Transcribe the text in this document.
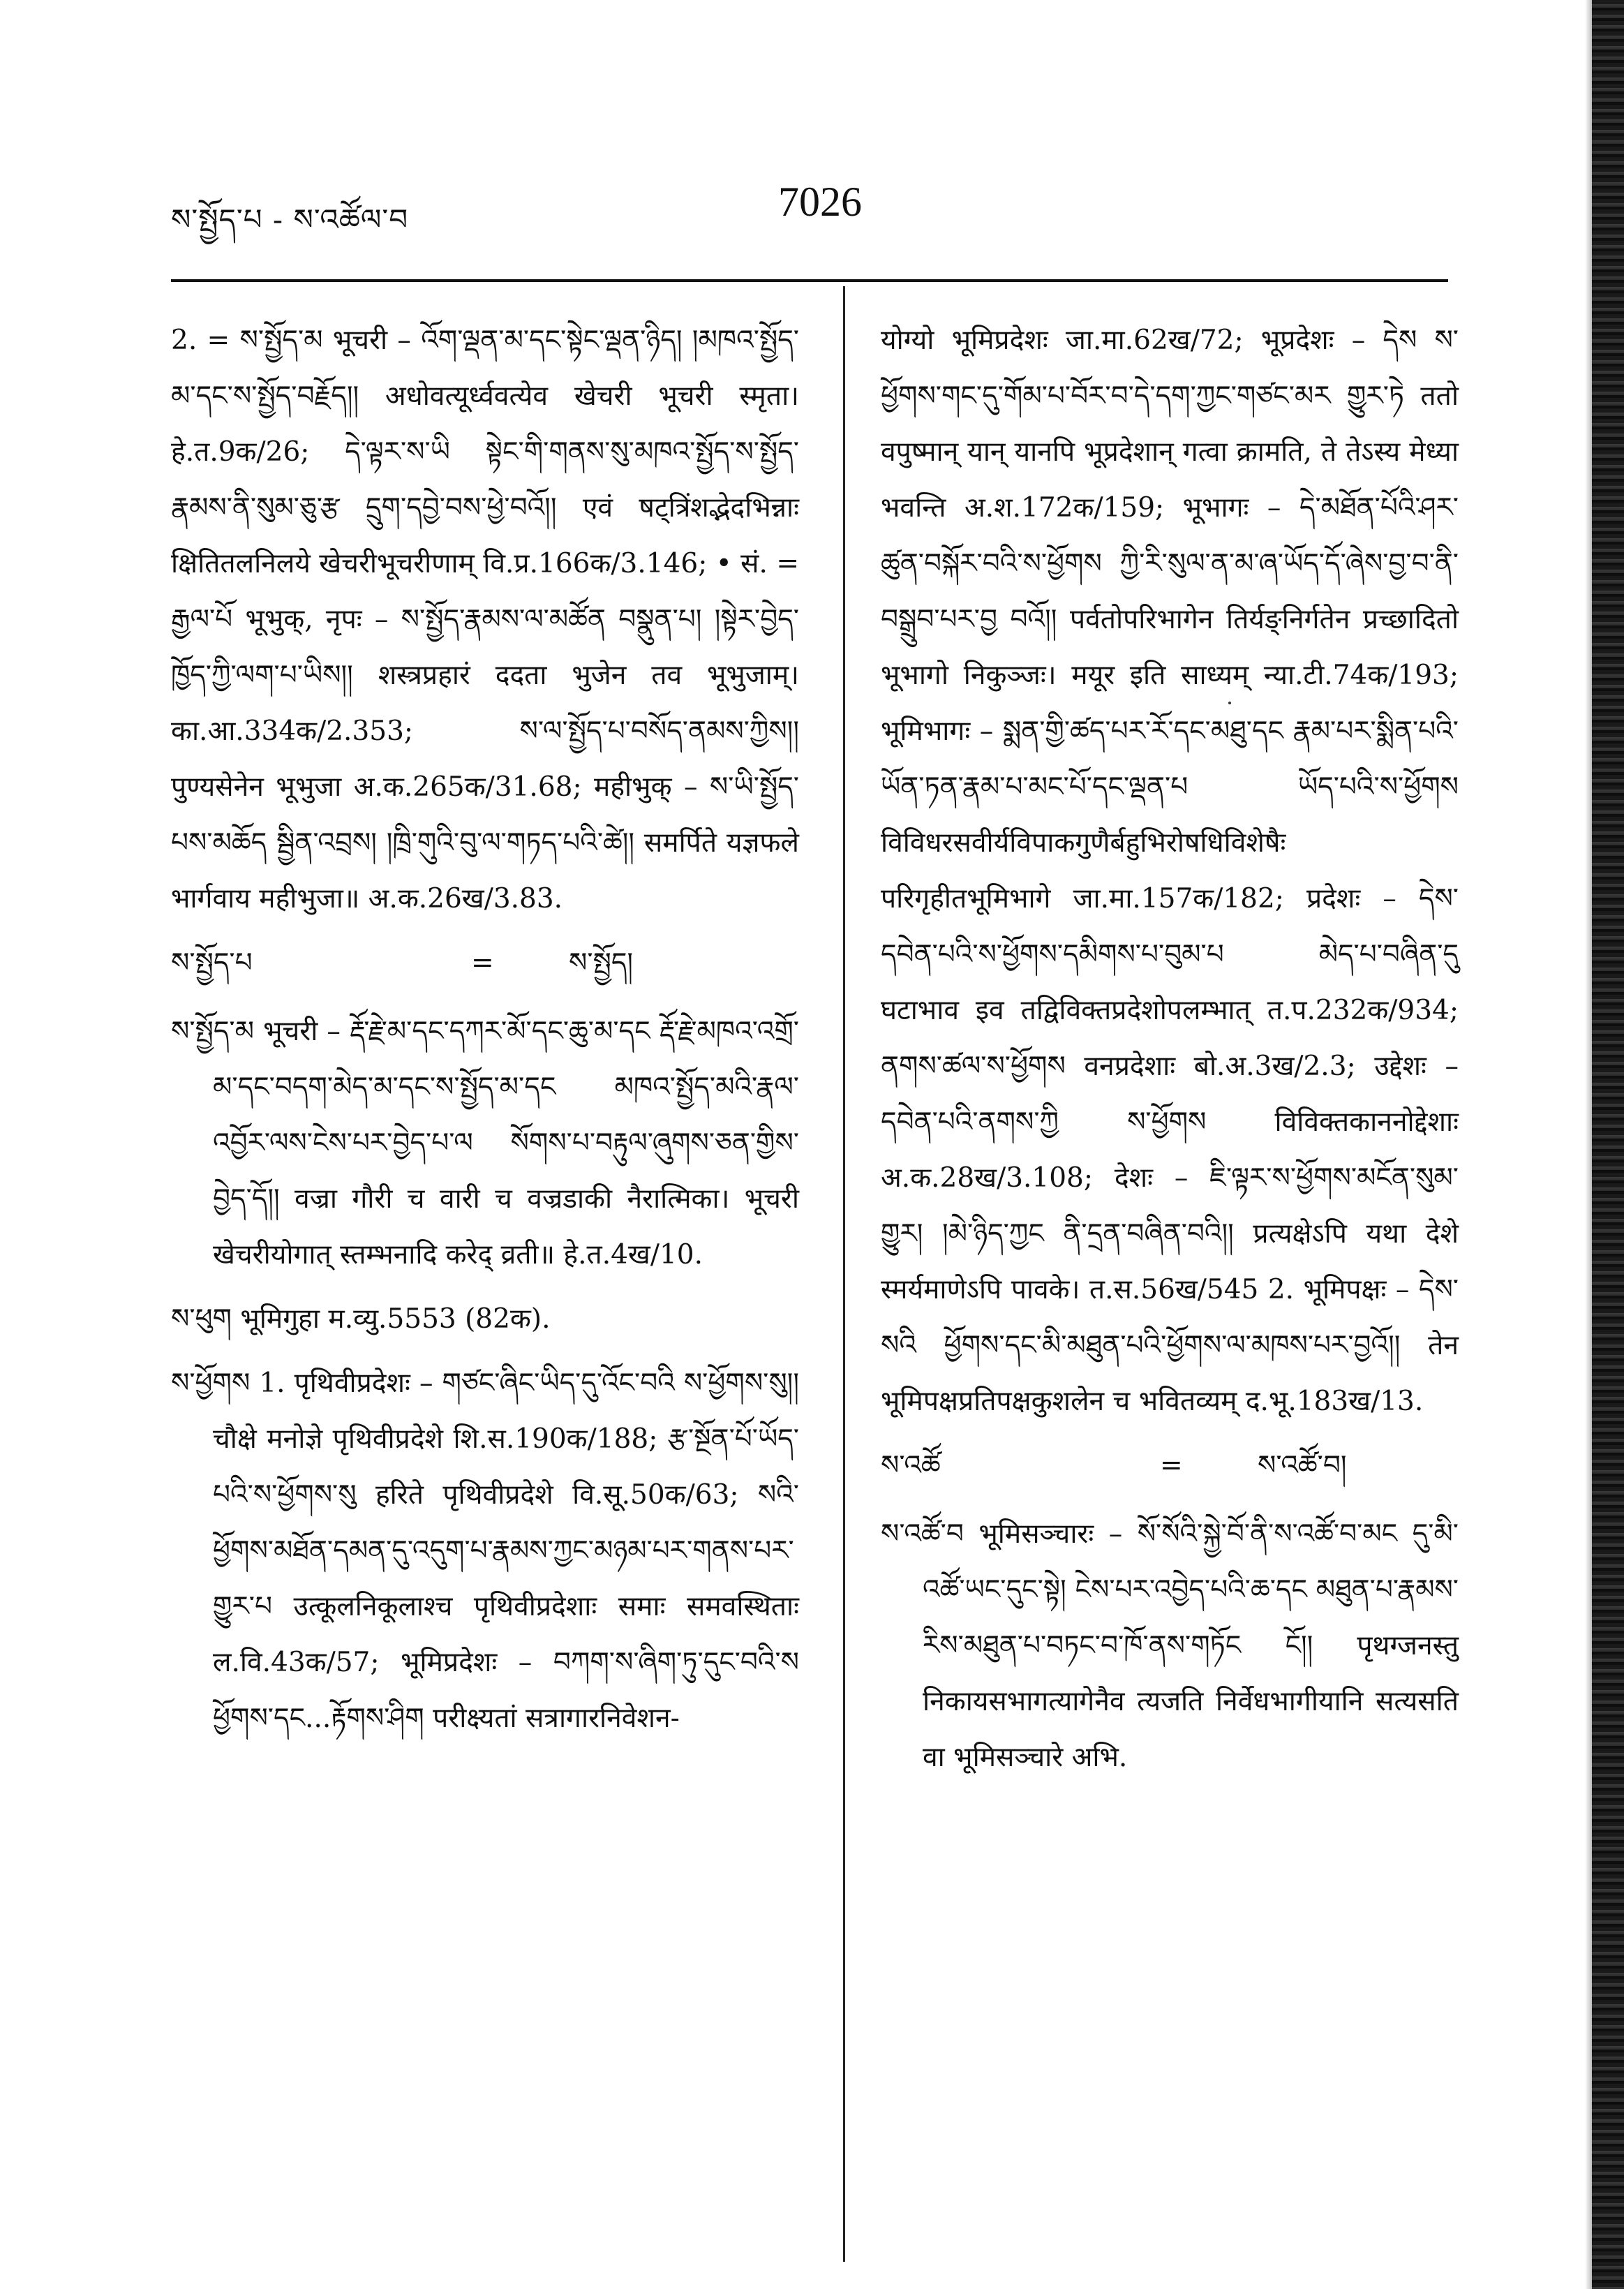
ས་སྤྱོད་པ - ས་འཚོལ་བ	7026

2. = ས་སྤྱོད་མ भूचरी – འོག་ལྡན་མ་དང་སྟེང་ལྡན་ཉིད། །མཁའ་སྤྱོད་མ་དང་ས་སྤྱོད་བརྗོད།། अधोवत्यूर्ध्ववत्येव खेचरी भूचरी स्मृता। हे.त.9क/26; དེ་ལྟར་ས་ཡི སྟེང་གི་གནས་སུ་མཁའ་སྤྱོད་ས་སྤྱོད་རྣམས་ནི་སུམ་ཅུ་རྩ དྲུག་དབྱེ་བས་ཕྱེ་བའོ།། एवं षट्त्रिंशद्भेदभिन्नाः क्षितितलनिलये खेचरीभूचरीणाम् वि.प्र.166क/3.146; • सं. = རྒྱལ་པོ भूभुक्, नृपः – ས་སྤྱོད་རྣམས་ལ་མཚོན བསྣུན་པ། །སྟེར་བྱེད་ཁྱོད་ཀྱི་ལག་པ་ཡིས།། शस्त्रप्रहारं ददता भुजेन तव भूभुजाम्। का.आ.334क/2.353; ས་ལ་སྤྱོད་པ་བསོད་ནམས་ཀྱིས།། पुण्यसेनेन भूभुजा अ.क.265क/31.68; महीभुक् – ས་ཡི་སྤྱོད་པས་མཆོད སྦྱིན་འབྲས། །ཁྲི་གུའི་བུ་ལ་གཏད་པའི་ཚེ།། समर्पिते यज्ञफले भार्गवाय महीभुजा॥ अ.क.26ख/3.83.

ས་སྤྱོད་པ	=	ས་སྤྱོད།

ས་སྤྱོད་མ भूचरी – རྡོ་རྗེ་མ་དང་དཀར་མོ་དང་ཆུ་མ་དང རྡོ་རྗེ་མཁའ་འགྲོ་མ་དང་བདག་མེད་མ་དང་ས་སྤྱོད་མ་དང མཁའ་སྤྱོད་མའི་རྣལ་འབྱོར་ལས་ངེས་པར་བྱེད་པ་ལ སོགས་པ་བརྟུལ་ཞུགས་ཅན་གྱིས་བྱེད་དོ།། वज्रा गौरी च वारी च वज्रडाकी नैरात्मिका। भूचरी खेचरीयोगात् स्तम्भनादि करेद् व्रती॥ हे.त.4ख/10.

ས་ཕུག भूमिगुहा म.व्यु.5553 (82क).

ས་ཕྱོགས 1. पृथिवीप्रदेशः – གཙང་ཞིང་ཡིད་དུ་འོང་བའི ས་ཕྱོགས་སུ།། चौक्षे मनोज्ञे पृथिवीप्रदेशे शि.स.190क/188; རྩ་སྔོན་པོ་ཡོད་པའི་ས་ཕྱོགས་སུ हरिते पृथिवीप्रदेशे वि.सू.50क/63; སའི་ཕྱོགས་མཐོན་དམན་དུ་འདུག་པ་རྣམས་ཀྱང་མཉམ་པར་གནས་པར་གྱུར་པ उत्कूलनिकूलाश्च पृथिवीप्रदेशाः समाः समवस्थिताः ल.वि.43क/57; भूमिप्रदेशः – བཀག་ས་ཞིག་ཏུ་དུང་བའི་ས ཕྱོགས་དང...རྟོགས་ཤིག परीक्ष्यतां सत्रागारनिवेशन-

योग्यो भूमिप्रदेशः जा.मा.62ख/72; भूप्रदेशः – དེས ས་ཕྱོགས་གང་དུ་གོམ་པ་བོར་བ་དེ་དག་ཀྱང་གཙང་མར གྱུར་ཏེ ततो वपुष्मान् यान् यानपि भूप्रदेशान् गत्वा क्रामति, ते तेऽस्य मेध्या भवन्ति अ.श.172क/159; भूभागः – དེ་མཐོན་པོའི་ཤར་ཚུན་བསྐོར་བའི་ས་ཕྱོགས ཀྱི་རི་སུལ་ན་མ་ཞ་ཡོད་དོ་ཞེས་བྱ་བ་ནི་བསྒྲུབ་པར་བྱ བའོ།། पर्वतोपरिभागेन तिर्यङ्निर्गतेन प्रच्छादितो भूभागो निकुञ्जः। मयूर इति साध्यम् न्या.टी.74क/193; भूमिभागः – སྨན་གྱི་ཚད་པར་རོ་དང་མཐུ་དང རྣམ་པར་སྨིན་པའི་ཡོན་ཏན་རྣམ་པ་མང་པོ་དང་ལྡན་པ ཡོད་པའི་ས་ཕྱོགས विविधरसवीर्यविपाकगुणैर्बहुभिरोषधिविशेषैः परिगृहीतभूमिभागे जा.मा.157क/182; प्रदेशः – དེས་དབེན་པའི་ས་ཕྱོགས་དམིགས་པ་བུམ་པ མེད་པ་བཞིན་དུ घटाभाव इव तद्विविक्तप्रदेशोपलम्भात् त.प.232क/934; ནགས་ཚལ་ས་ཕྱོགས वनप्रदेशाः बो.अ.3ख/2.3; उद्देशः – དབེན་པའི་ནགས་ཀྱི ས་ཕྱོགས विविक्तकाननोद्देशाः अ.क.28ख/3.108; देशः – ཇི་ལྟར་ས་ཕྱོགས་མངོན་སུམ་གྱུར། །མེ་ཉིད་ཀྱང ནི་དྲན་བཞིན་བའི།། प्रत्यक्षेऽपि यथा देशे स्मर्यमाणेऽपि पावके। त.स.56ख/545 2. भूमिपक्षः – དེས་སའི ཕྱོགས་དང་མི་མཐུན་པའི་ཕྱོགས་ལ་མཁས་པར་བྱའོ།། तेन भूमिपक्षप्रतिपक्षकुशलेन च भवितव्यम् द.भू.183ख/13.

ས་འཚོ	=	ས་འཚོ་བ།

ས་འཚོ་བ भूमिसञ्चारः – སོ་སོའི་སྐྱེ་བོ་ནི་ས་འཚོ་བ་མང དུ་མི་འཚོ་ཡང་དུང་སྟེ། ངེས་པར་འབྱེད་པའི་ཆ་དང མཐུན་པ་རྣམས་རིས་མཐུན་པ་བཏང་བ་ཁོ་ནས་གཏོང ངོ།། पृथग्जनस्तु निकायसभागत्यागेनैव त्यजति निर्वेधभागीयानि सत्यसति वा भूमिसञ्चारे अभि.
